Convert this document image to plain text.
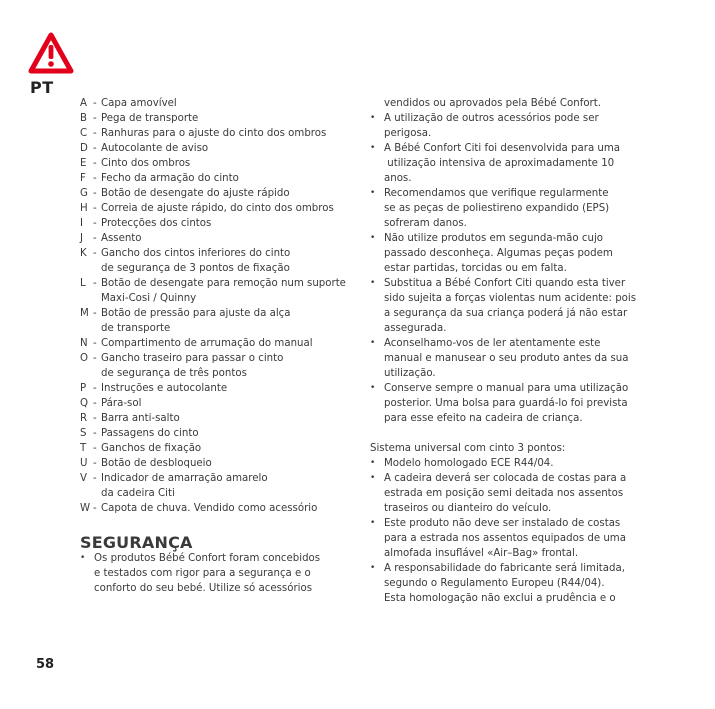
PT
A - Capa amovível
B - Pega de transporte
C - Ranhuras para o ajuste do cinto dos ombros
D - Autocolante de aviso
E - Cinto dos ombros
F - Fecho da armação do cinto
G - Botão de desengate do ajuste rápido
H - Correia de ajuste rápido, do cinto dos ombros
I - Protecções dos cintos
J - Assento
K - Gancho dos cintos inferiores do cinto
de segurança de 3 pontos de fixação
L - Botão de desengate para remoção num suporte
Maxi-Cosi / Quinny
M - Botão de pressão para ajuste da alça
de transporte
N - Compartimento de arrumação do manual
O - Gancho traseiro para passar o cinto
de segurança de três pontos
P - Instruções e autocolante
Q - Pára-sol
R - Barra anti-salto
S - Passagens do cinto
T - Ganchos de fixação
U - Botão de desbloqueio
V - Indicador de amarração amarelo
da cadeira Citi
W - Capota de chuva. Vendido como acessório
SEGURANÇA
• Os produtos Bébé Confort foram concebidos
e testados com rigor para a segurança e o
conforto do seu bebé. Utilize só acessórios

vendidos ou aprovados pela Bébé Confort.

• A utilização de outros acessórios pode ser
perigosa.
• A Bébé Confort Citi foi desenvolvida para uma
utilização intensiva de aproximadamente 10
anos.
• Recomendamos que verifique regularmente
se as peças de poliestireno expandido (EPS)
sofreram danos.
• Não utilize produtos em segunda-mão cujo
passado desconheça. Algumas peças podem
estar partidas, torcidas ou em falta.
• Substitua a Bébé Confort Citi quando esta tiver
sido sujeita a forças violentas num acidente: pois
a segurança da sua criança poderá já não estar
assegurada.
• Aconselhamo-vos de ler atentamente este
manual e manusear o seu produto antes da sua
utilização.
• Conserve sempre o manual para uma utilização
posterior. Uma bolsa para guardá-lo foi prevista
para esse efeito na cadeira de criança.

Sistema universal com cinto 3 pontos:

• Modelo homologado ECE R44/04.
• A cadeira deverá ser colocada de costas para a
estrada em posição semi deitada nos assentos
traseiros ou dianteiro do veículo.
• Este produto não deve ser instalado de costas
para a estrada nos assentos equipados de uma
almofada insuflável «Air–Bag» frontal.
• A responsabilidade do fabricante será limitada,
segundo o Regulamento Europeu (R44/04).
Esta homologação não exclui a prudência e o
58
